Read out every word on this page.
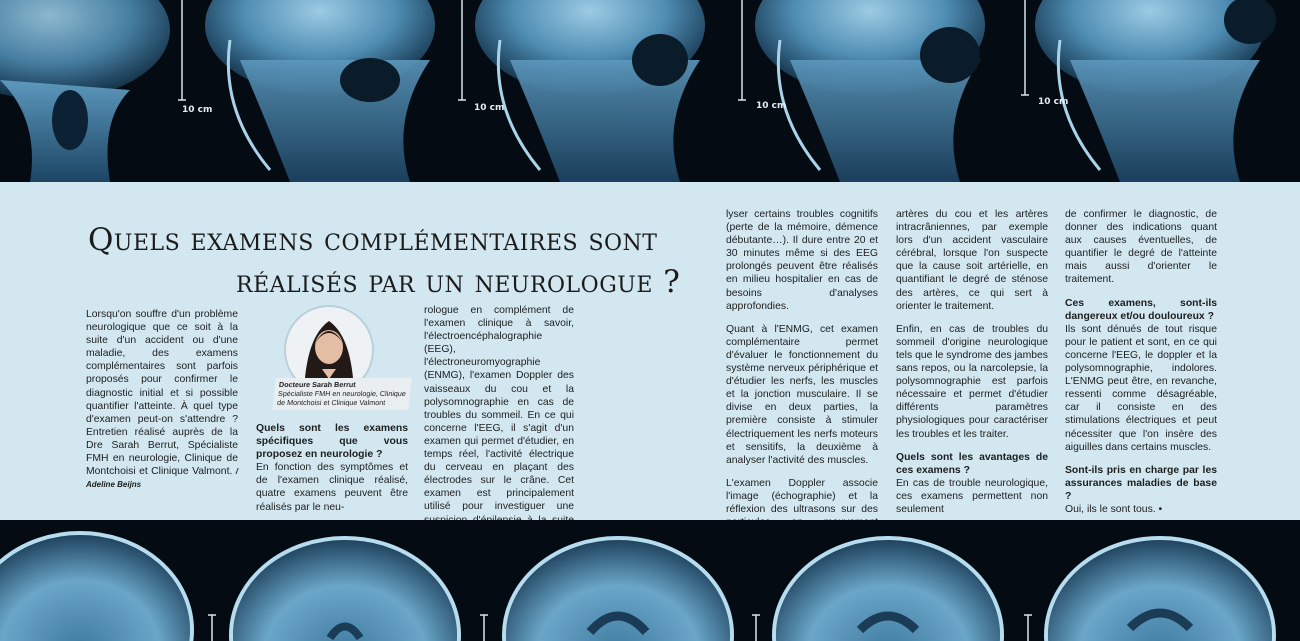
10 cm	10 cm	10 cm	10 cm
Quels examens complémentaires sont
réalisés par un neurologue ?
Lorsqu'on souffre d'un problème neurologique que ce soit à la suite d'un accident ou d'une maladie, des examens complémentaires sont parfois proposés pour confirmer le diagnostic initial et si possible quantifier l'atteinte. À quel type d'examen peut-on s'attendre ? Entretien réalisé auprès de la Dre Sarah Berrut, Spécialiste FMH en neurologie, Clinique de Montchoisi et Clinique Valmont. / Adeline Beijns
Docteure Sarah Berrut
Spécialiste FMH en neurologie, Clinique de Montchoisi et Clinique Valmont
Quels sont les examens spécifiques que vous proposez en neurologie ?
En fonction des symptômes et de l'examen clinique réalisé, quatre examens peuvent être réalisés par le neu-
rologue en complément de l'examen clinique à savoir, l'électroencéphalographie (EEG), l'électroneuromyographie (ENMG), l'examen Doppler des vaisseaux du cou et la polysomnographie en cas de troubles du sommeil. En ce qui concerne l'EEG, il s'agit d'un examen qui permet d'étudier, en temps réel, l'activité électrique du cerveau en plaçant des électrodes sur le crâne. Cet examen est principalement utilisé pour investiguer une

lyser certains troubles cognitifs (perte de la mémoire, démence débutante…). Il dure entre 20 et 30 minutes même si des EEG prolongés peuvent être réalisés en milieu hospitalier en cas de besoins d'analyses approfondies.

Quant à l'ENMG, cet examen complémentaire permet d'évaluer le fonctionnement du système nerveux périphérique et d'étudier les nerfs, les muscles et la jonction musculaire. Il se divise en deux parties, la première consiste à stimuler électriquement les nerfs moteurs et sensitifs, la deuxième à analyser l'activité des muscles.

L'examen Doppler associe l'image (échographie) et la réflexion des ultrasons sur des

artères du cou et les artères intracrâniennes, par exemple lors d'un accident vasculaire cérébral, lorsque l'on suspecte que la cause soit artérielle, en quantifiant le degré de sténose des artères, ce qui sert à orienter le traitement.

Enfin, en cas de troubles du sommeil d'origine neurologique tels que le syndrome des jambes sans repos, ou la narcolepsie, la polysomnographie est parfois nécessaire et permet d'étudier différents paramètres physiologiques pour caractériser les troubles et les traiter.

Quels sont les avantages de ces examens ?
En cas de trouble neurologique, ces examens permettent non seulement

de confirmer le diagnostic, de donner des indications quant aux causes éventuelles, de quantifier le degré de l'atteinte mais aussi d'orienter le traitement.

Ces examens, sont-ils dangereux et/ou douloureux ?

Ils sont dénués de tout risque pour le patient et sont, en ce qui concerne l'EEG, le doppler et la polysomnographie, indolores. L'ENMG peut être, en revanche, ressenti comme désagréable, car il consiste en des stimulations électriques et peut nécessiter que l'on insère des aiguilles dans certains muscles.

Sont-ils pris en charge par les assurances maladies de base ?
Oui, ils le sont tous. •
